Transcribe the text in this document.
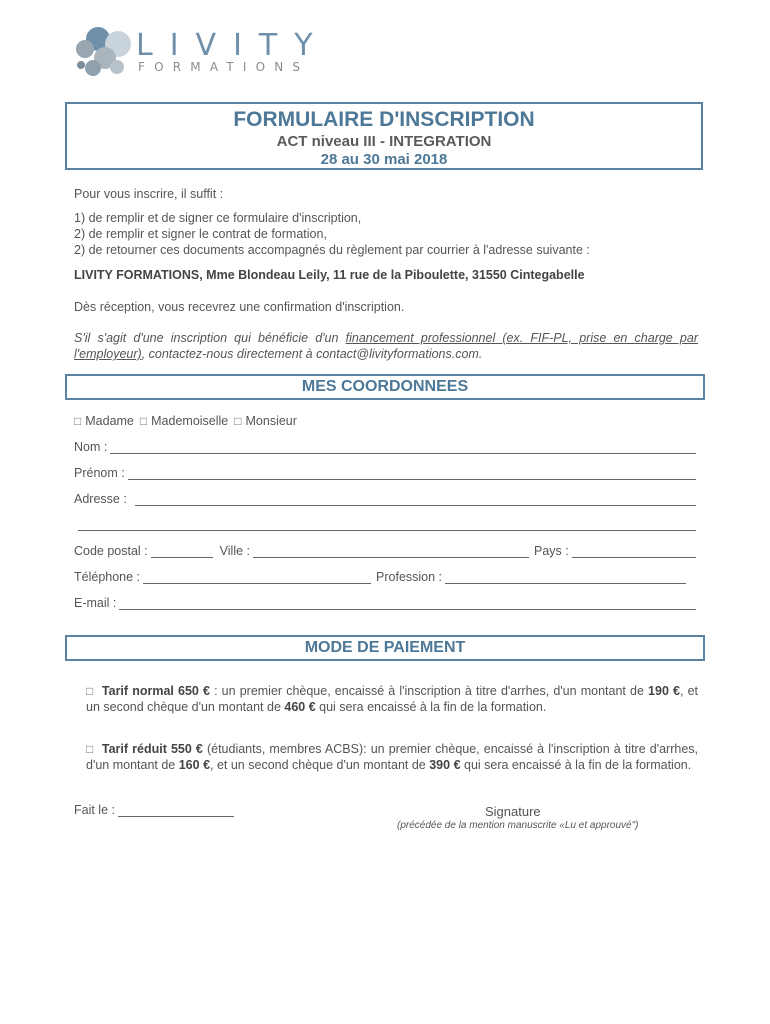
LIVITY
FORMATIONS
FORMULAIRE D'INSCRIPTION
ACT niveau III - INTEGRATION
28 au 30 mai 2018
Pour vous inscrire, il suffit :
1) de remplir et de signer ce formulaire d'inscription,
2) de remplir et signer le contrat de formation,
2) de retourner ces documents accompagnés du règlement par courrier à l'adresse suivante :
LIVITY FORMATIONS, Mme Blondeau Leily, 11 rue de la Piboulette, 31550 Cintegabelle
Dès réception, vous recevrez une confirmation d'inscription.
S'il s'agit d'une inscription qui bénéficie d'un financement professionnel (ex. FIF-PL, prise en charge par l'employeur), contactez-nous directement à contact@livityformations.com.
MES COORDONNEES
□ Madame □ Mademoiselle □ Monsieur
Nom :
Prénom :
Adresse :
Code postal :	Ville :	Pays :
Téléphone :	Profession :
E-mail :
MODE DE PAIEMENT
□ Tarif normal 650 € : un premier chèque, encaissé à l'inscription à titre d'arrhes, d'un montant de 190 €, et un second chèque d'un montant de 460 € qui sera encaissé à la fin de la formation.
□ Tarif réduit 550 € (étudiants, membres ACBS): un premier chèque, encaissé à l'inscription à titre d'arrhes, d'un montant de 160 €, et un second chèque d'un montant de 390 € qui sera encaissé à la fin de la formation.
Fait le :	Signature
(précédée de la mention manuscrite «Lu et approuvé")
